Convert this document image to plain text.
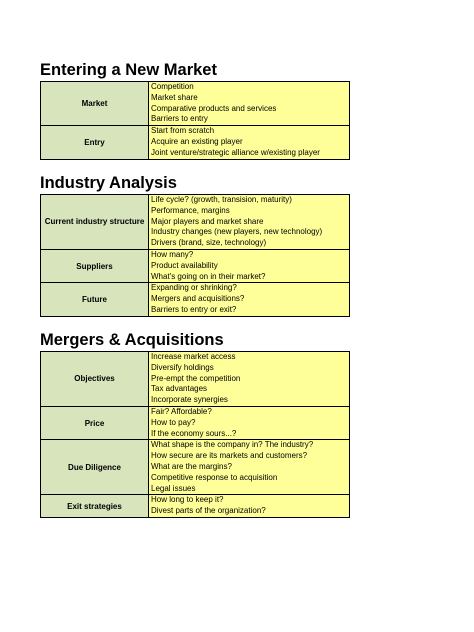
Entering a New Market
Market	Competition
Market share
Comparative products and services
Barriers to entry

Entry	Start from scratch
Acquire an existing player
Joint venture/strategic alliance w/existing player
Industry Analysis
Current industry structure	Life cycle? (growth, transision, maturity)
Performance, margins
Major players and market share
Industry changes (new players, new technology)
Drivers (brand, size, technology)

Suppliers	How many?
Product availability
What's going on in their market?

Future	Expanding or shrinking?
Mergers and acquisitions?
Barriers to entry or exit?
Mergers & Acquisitions
Objectives	Increase market access
Diversify holdings
Pre-empt the competition
Tax advantages
Incorporate synergies

Price	Fair? Affordable?
How to pay?
If the economy sours...?

Due Diligence	What shape is the company in? The industry?
How secure are its markets and customers?
What are the margins?
Competitive response to acquisition
Legal issues

Exit strategies	How long to keep it?
Divest parts of the organization?
